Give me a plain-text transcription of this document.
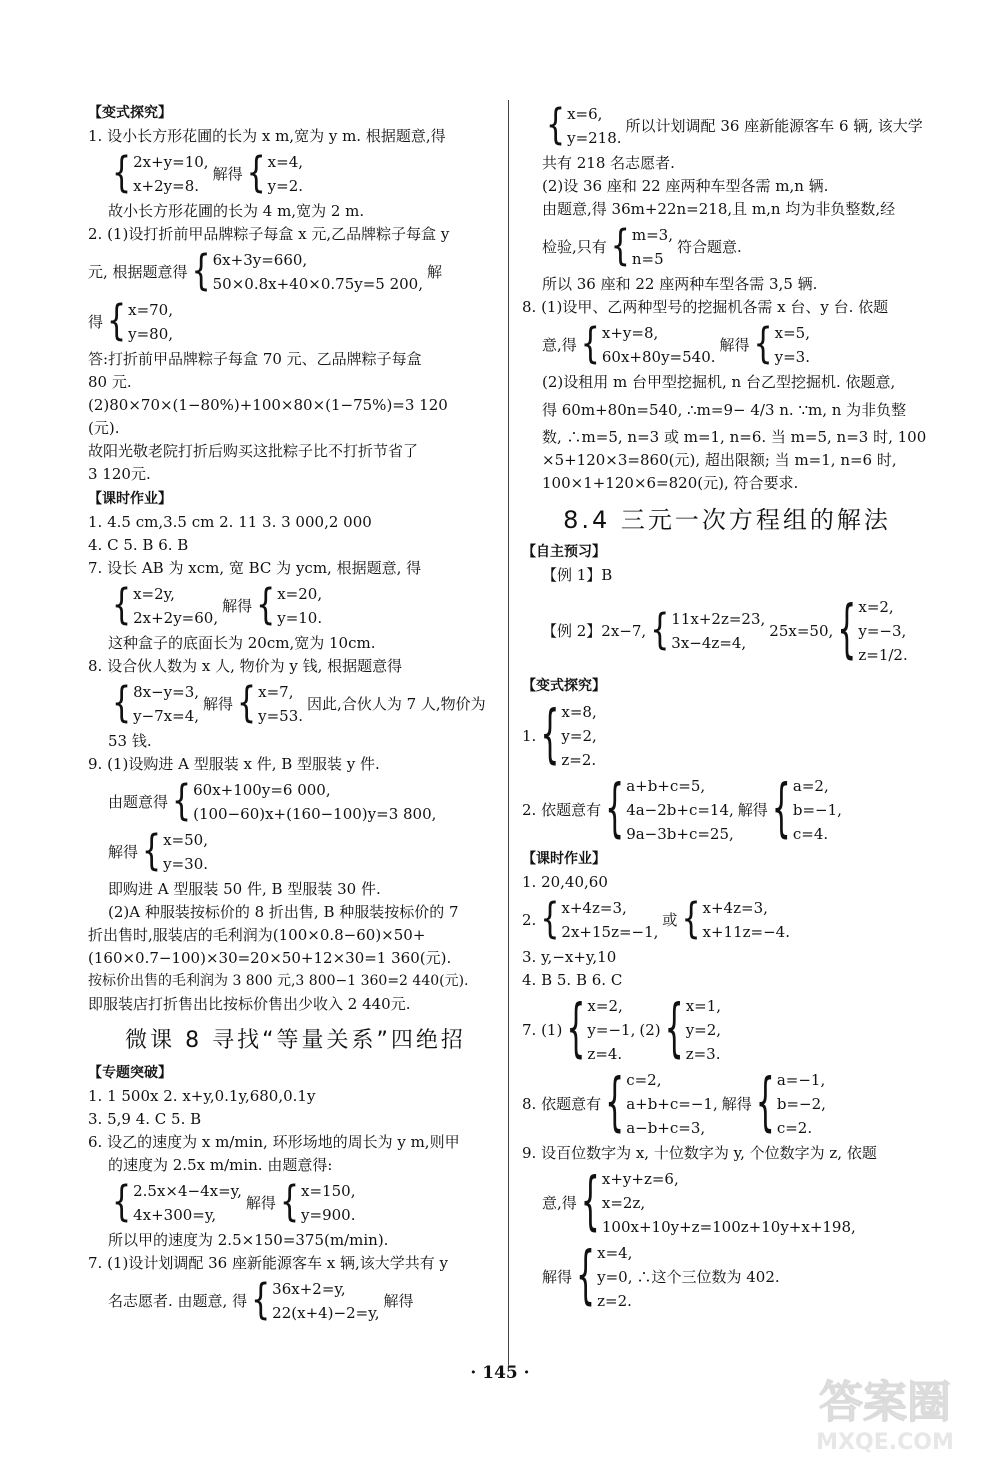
【变式探究】
1. 设小长方形花圃的长为 x m,宽为 y m. 根据题意,得
{ 2x+y=10,
x+2y=8.
解得 { x=4,
y=2.
故小长方形花圃的长为 4 m,宽为 2 m.
2. (1)设打折前甲品牌粽子每盒 x 元,乙品牌粽子每盒 y
元, 根据题意得 { 6x+3y=660,
50×0.8x+40×0.75y=5 200,
解
得 { x=70,
y=80,
答:打折前甲品牌粽子每盒 70 元、乙品牌粽子每盒
80 元.
(2)80×70×(1−80%)+100×80×(1−75%)=3 120
(元).
故阳光敬老院打折后购买这批粽子比不打折节省了
3 120元.
【课时作业】
1. 4.5 cm,3.5 cm 2. 11 3. 3 000,2 000
4. C 5. B 6. B
7. 设长 AB 为 xcm, 宽 BC 为 ycm, 根据题意, 得
{ x=2y,
2x+2y=60,
解得 { x=20,
y=10.
这种盒子的底面长为 20cm,宽为 10cm.
8. 设合伙人数为 x 人, 物价为 y 钱, 根据题意得
{ 8x−y=3,
y−7x=4,
解得 { x=7,
y=53.
因此,合伙人为 7 人,物价为
53 钱.
9. (1)设购进 A 型服装 x 件, B 型服装 y 件.
由题意得 { 60x+100y=6 000,
(100−60)x+(160−100)y=3 800,
解得 { x=50,
y=30.
即购进 A 型服装 50 件, B 型服装 30 件.
(2)A 种服装按标价的 8 折出售, B 种服装按标价的 7
折出售时,服装店的毛利润为(100×0.8−60)×50+
(160×0.7−100)×30=20×50+12×30=1 360(元).
按标价出售的毛利润为 3 800 元,3 800−1 360=2 440(元).
即服装店打折售出比按标价售出少收入 2 440元.
微课 8 寻找“等量关系”四绝招
【专题突破】
1. 1 500x 2. x+y,0.1y,680,0.1y
3. 5,9 4. C 5. B
6. 设乙的速度为 x m/min, 环形场地的周长为 y m,则甲
的速度为 2.5x m/min. 由题意得:
{ 2.5x×4−4x=y,
4x+300=y,
解得 { x=150,
y=900.
所以甲的速度为 2.5×150=375(m/min).
7. (1)设计划调配 36 座新能源客车 x 辆,该大学共有 y
名志愿者. 由题意, 得 { 36x+2=y,
22(x+4)−2=y,
解得
{ x=6,
y=218.
所以计划调配 36 座新能源客车 6 辆, 该大学
共有 218 名志愿者.
(2)设 36 座和 22 座两种车型各需 m,n 辆.
由题意,得 36m+22n=218,且 m,n 均为非负整数,经
检验,只有 { m=3,
n=5
符合题意.
所以 36 座和 22 座两种车型各需 3,5 辆.
8. (1)设甲、乙两种型号的挖掘机各需 x 台、y 台. 依题
意,得 { x+y=8,
60x+80y=540.
解得 { x=5,
y=3.
(2)设租用 m 台甲型挖掘机, n 台乙型挖掘机. 依题意,
得 60m+80n=540, ∴m=9− 4/3 n. ∵m, n 为非负整
数, ∴m=5, n=3 或 m=1, n=6. 当 m=5, n=3 时, 100
×5+120×3=860(元), 超出限额; 当 m=1, n=6 时,
100×1+120×6=820(元), 符合要求.
8.4 三元一次方程组的解法
【自主预习】
【例 1】B
【例 2】2x−7, { 11x+2z=23,
3x−4z=4,
25x=50, { x=2,
y=−3,
z=1/2.
【变式探究】
1. { x=8,
y=2,
z=2.
2. 依题意有 { a+b+c=5,
4a−2b+c=14,
9a−3b+c=25,
解得 { a=2,
b=−1,
c=4.
【课时作业】
1. 20,40,60
2. { x+4z=3,
2x+15z=−1,
或 { x+4z=3,
x+11z=−4.
3. y,−x+y,10
4. B 5. B 6. C
7. (1) { x=2,
y=−1,
z=4.
(2) { x=1,
y=2,
z=3.
8. 依题意有 { c=2,
a+b+c=−1,
a−b+c=3,
解得 { a=−1,
b=−2,
c=2.
9. 设百位数字为 x, 十位数字为 y, 个位数字为 z, 依题
意,得 { x+y+z=6,
x=2z,
100x+10y+z=100z+10y+x+198,
解得 { x=4,
y=0,
z=2.
∴这个三位数为 402.
· 145 ·
答案圈
MXQE.COM
